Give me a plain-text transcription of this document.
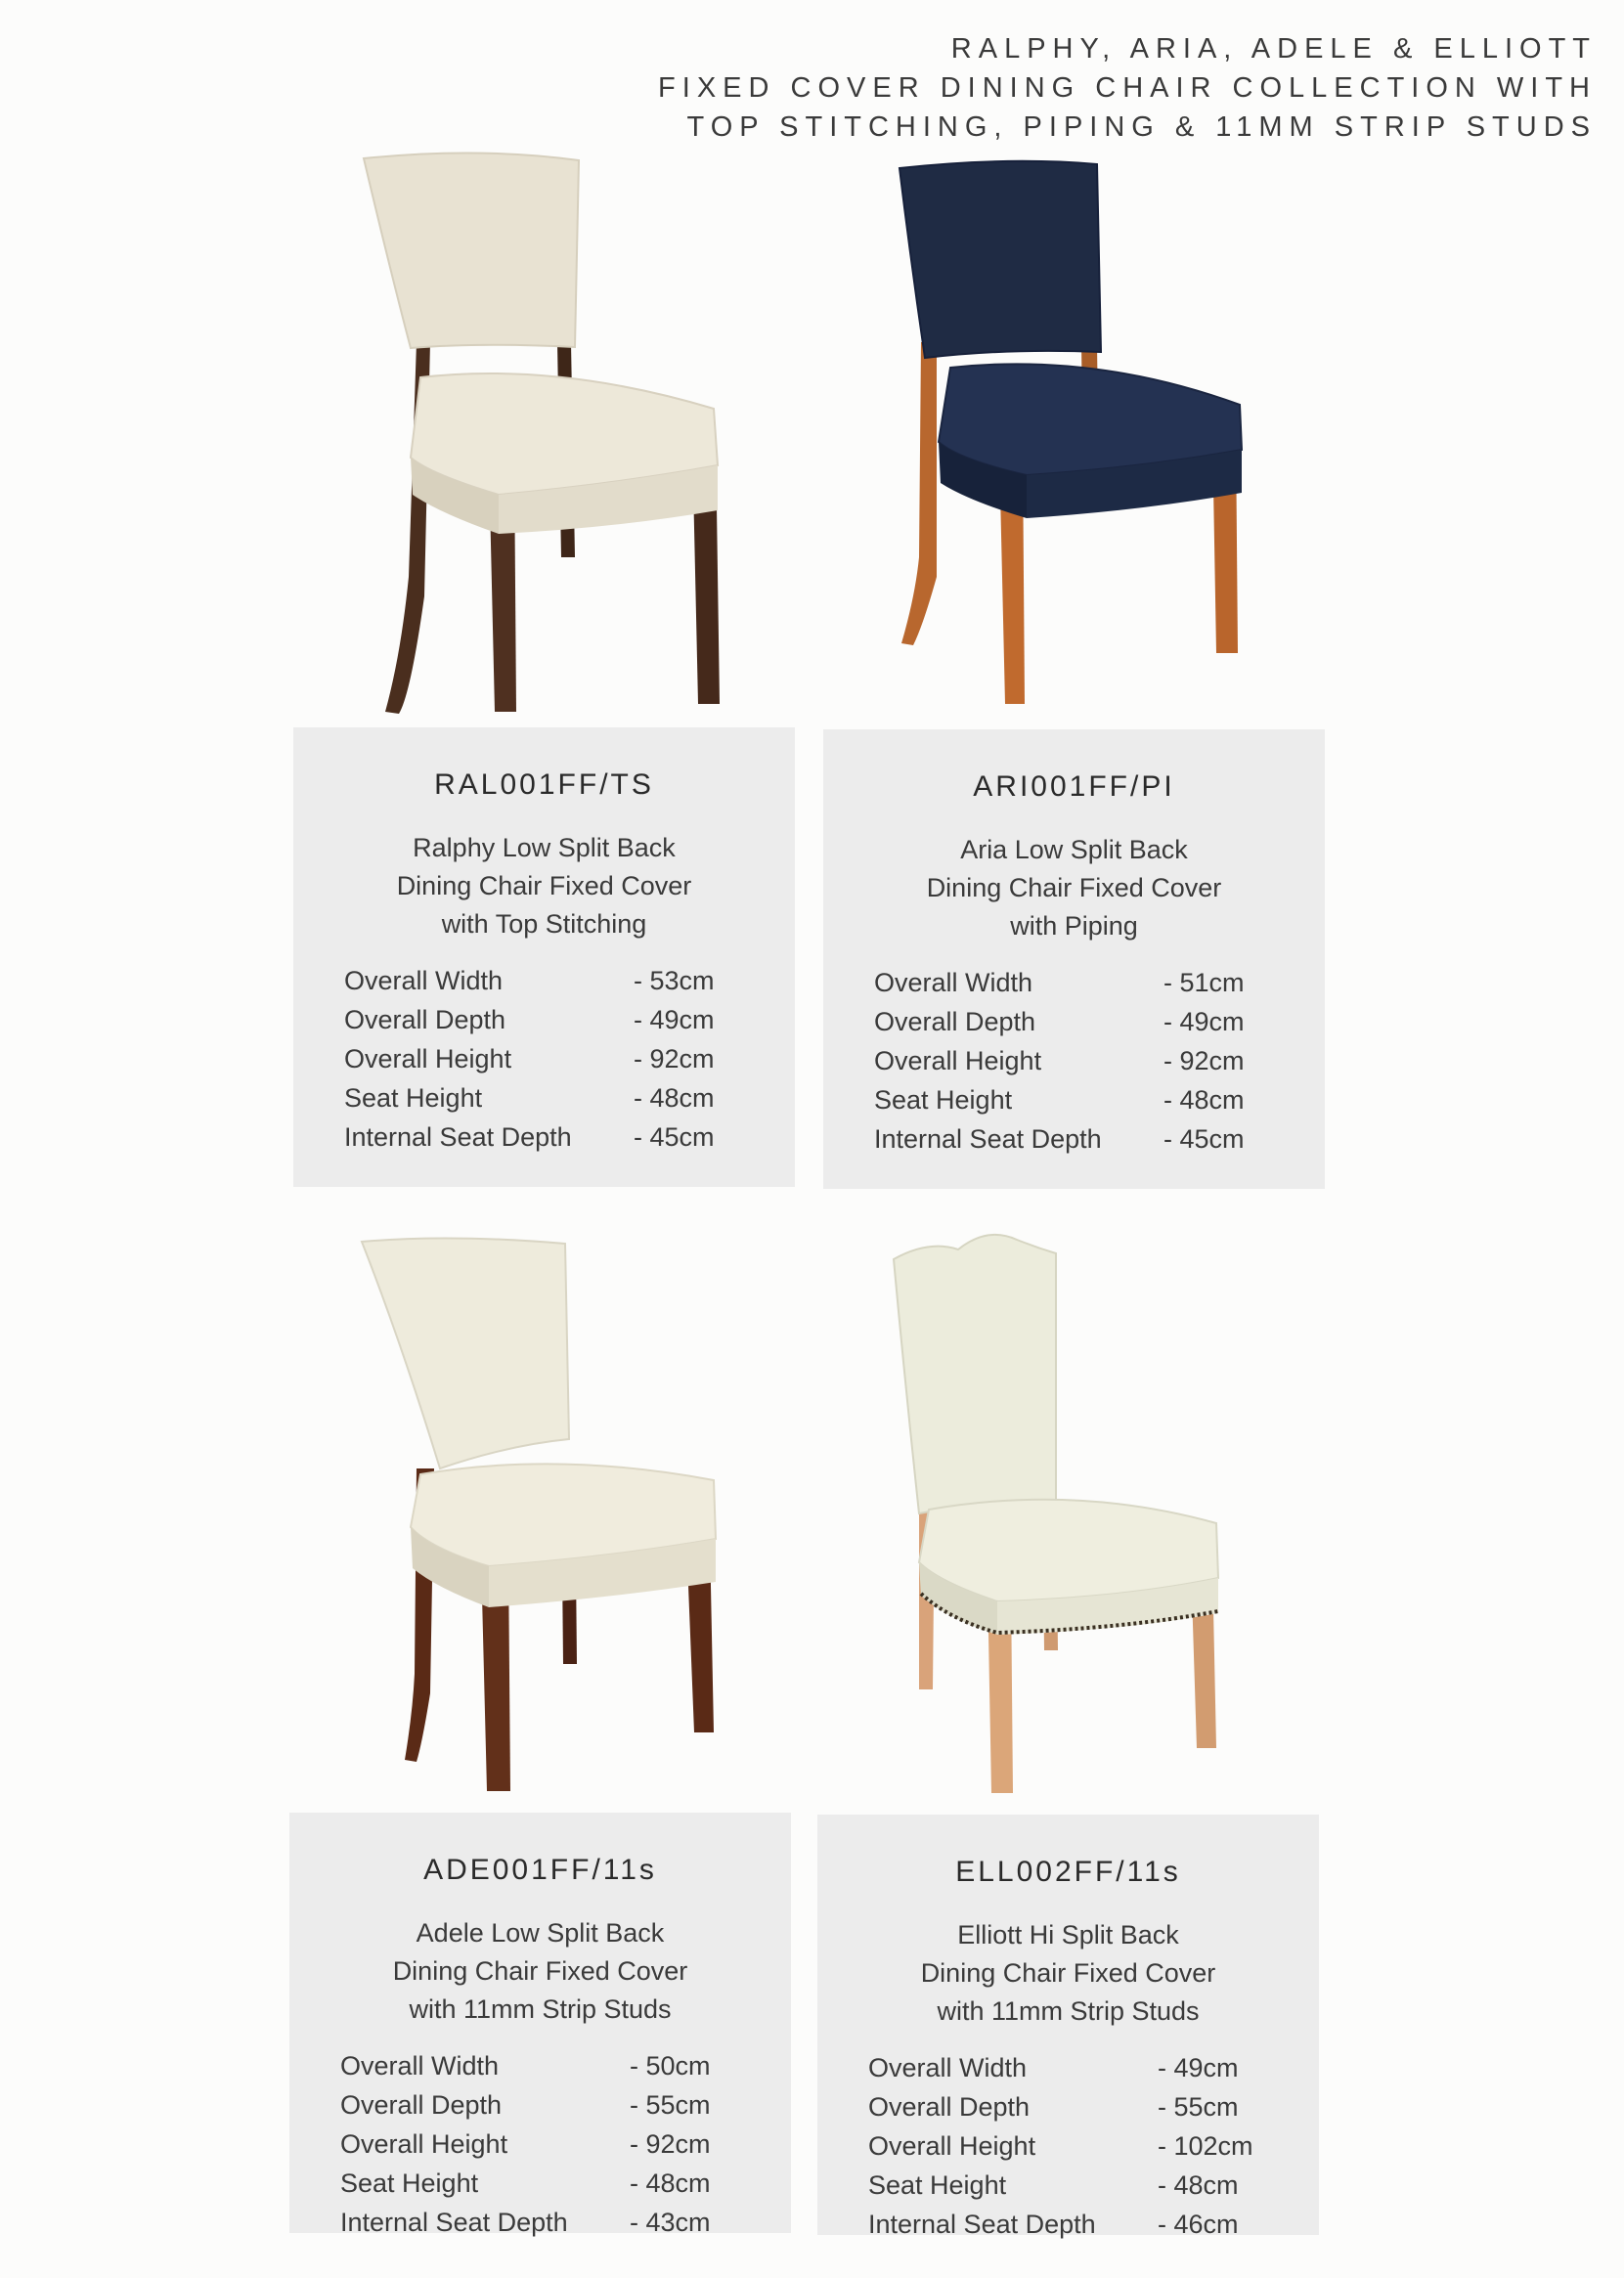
RALPHY, ARIA, ADELE & ELLIOTT
FIXED COVER DINING CHAIR COLLECTION WITH
TOP STITCHING, PIPING & 11MM STRIP STUDS
RAL001FF/TS
Ralphy Low Split Back
Dining Chair Fixed Cover
with Top Stitching
Overall Width	- 53cm
Overall Depth	- 49cm
Overall Height	- 92cm
Seat Height	- 48cm
Internal Seat Depth	- 45cm
ARI001FF/PI
Aria Low Split Back
Dining Chair Fixed Cover
with Piping
Overall Width	- 51cm
Overall Depth	- 49cm
Overall Height	- 92cm
Seat Height	- 48cm
Internal Seat Depth	- 45cm
ADE001FF/11s
Adele Low Split Back
Dining Chair Fixed Cover
with 11mm Strip Studs
Overall Width	- 50cm
Overall Depth	- 55cm
Overall Height	- 92cm
Seat Height	- 48cm
Internal Seat Depth	- 43cm
ELL002FF/11s
Elliott Hi Split Back
Dining Chair Fixed Cover
with 11mm Strip Studs
Overall Width	- 49cm
Overall Depth	- 55cm
Overall Height	- 102cm
Seat Height	- 48cm
Internal Seat Depth	- 46cm
